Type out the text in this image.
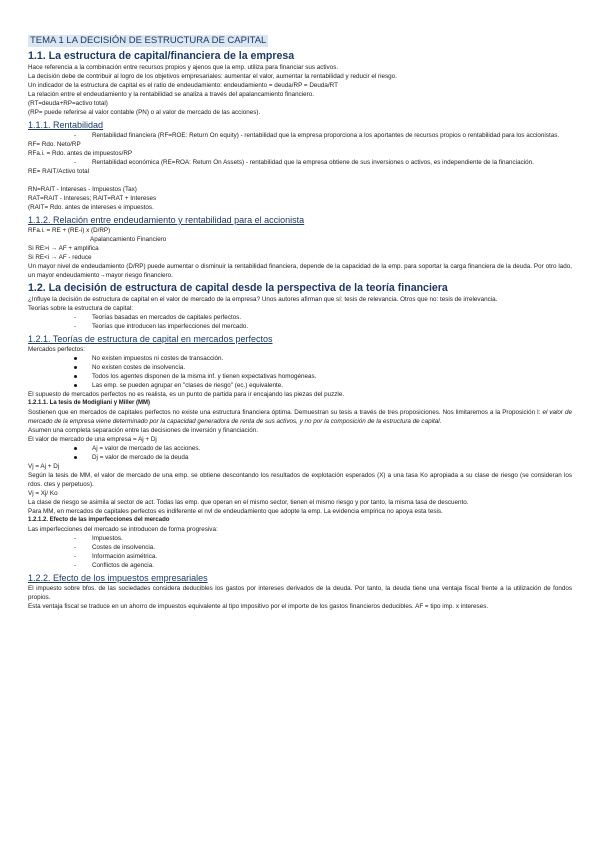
TEMA 1 LA DECISIÓN DE ESTRUCTURA DE CAPITAL
1.1. La estructura de capital/financiera de la empresa

Hace referencia a la combinación entre recursos propios y ajenos que la emp. utiliza para financiar sus activos.

La decisión debe de contribuir al logro de los objetivos empresariales: aumentar el valor, aumentar la rentabilidad y reducir el riesgo.

Un indicador de la estructura de capital es el ratio de endeudamiento: endeudamiento = deuda/RP = Deuda/RT

La relación entre el endeudamiento y la rentabilidad se analiza a través del apalancamiento financiero.

(RT=deuda+RP=activo total)

(RP= puede referirse al valor contable (PN) o al valor de mercado de las acciones).

1.1.1. Rentabilidad
-	Rentabilidad financiera (RF=ROE: Return On equity) - rentabilidad que la empresa proporciona a los aportantes de recursos propios o rentabilidad para los accionistas.

RF= Rdo. Neto/RP

RFa.i. = Rdo. antes de impuestos/RP

-	Rentabilidad económica (RE=ROA: Return On Assets) - rentabilidad que la empresa obtiene de sus inversiones o activos, es independiente de la financiación.

RE= RAIT/Activo total

RN=RAIT - Intereses - Impuestos (Tax)

RAT=RAIT - Intereses; RAIT=RAT + Intereses

(RAIT= Rdo. antes de intereses e impuestos.

1.1.2. Relación entre endeudamiento y rentabilidad para el accionista

RFa.i. = RE + (RE-i) x (D/RP)

Apalancamiento Financiero

Si RE>i → AF + amplifica

Si RE<i → AF - reduce

Un mayor nivel de endeudamiento (D/RP) puede aumentar o disminuir la rentabilidad financiera, depende de la capacidad de la emp. para soportar la carga financiera de la deuda. Por otro lado, un mayor endeudamiento→mayor riesgo financiero.

1.2. La decisión de estructura de capital desde la perspectiva de la teoría financiera

¿Influye la decisión de estructura de capital en el valor de mercado de la empresa? Unos autores afirman que sí: tesis de relevancia. Otros que no: tesis de irrelevancia.

Teorías sobre la estructura de capital:

-	Teorías basadas en mercados de capitales perfectos.
-	Teorías que introducen las imperfecciones del mercado.
1.2.1. Teorías de estructura de capital en mercados perfectos

Mercados perfectos:

No existen impuestos ni costes de transacción.
No existen costes de insolvencia.
Todos los agentes disponen de la misma inf. y tienen expectativas homogéneas.
Las emp. se pueden agrupar en "clases de riesgo" (ec.) equivalente.

El supuesto de mercados perfectos no es realista, es un punto de partida para ir encajando las piezas del puzzle.

1.2.1.1. La tesis de Modigliani y Miller (MM)

Sostienen que en mercados de capitales perfectos no existe una estructura financiera óptima. Demuestran su tesis a través de tres proposiciones. Nos limitaremos a la Proposición I: el valor de mercado de la empresa viene determinado por la capacidad generadora de renta de sus activos, y no por la composición de la estructura de capital.

Asumen una completa separación entre las decisiones de inversión y financiación.

El valor de mercado de una empresa = Aj + Dj

Aj = valor de mercado de las acciones.
Dj = valor de mercado de la deuda

Vj = Aj + Dj

Según la tesis de MM, el valor de mercado de una emp. se obtiene descontando los resultados de explotación esperados (X) a una tasa Ko apropiada a su clase de riesgo (se consideran los rdos. ctes y perpetuos).

Vj = Xj/ Ko

La clase de riesgo se asimila al sector de act. Todas las emp. que operan en el mismo sector, tienen el mismo riesgo y por tanto, la misma tasa de descuento.

Para MM, en mercados de capitales perfectos es indiferente el nvl de endeudamiento que adopte la emp. La evidencia empírica no apoya esta tesis.

1.2.1.2. Efecto de las imperfecciones del mercado

Las imperfecciones del mercado se introducen de forma progresiva:

-	Impuestos.
-	Costes de insolvencia.
-	Información asimétrica.
-	Conflictos de agencia.
1.2.2. Efecto de los impuestos empresariales

El impuesto sobre bfos. de las sociedades considera deducibles los gastos por intereses derivados de la deuda. Por tanto, la deuda tiene una ventaja fiscal frente a la utilización de fondos propios.

Esta ventaja fiscal se traduce en un ahorro de impuestos equivalente al tipo impositivo por el importe de los gastos financieros deducibles. AF = tipo imp. x intereses.
